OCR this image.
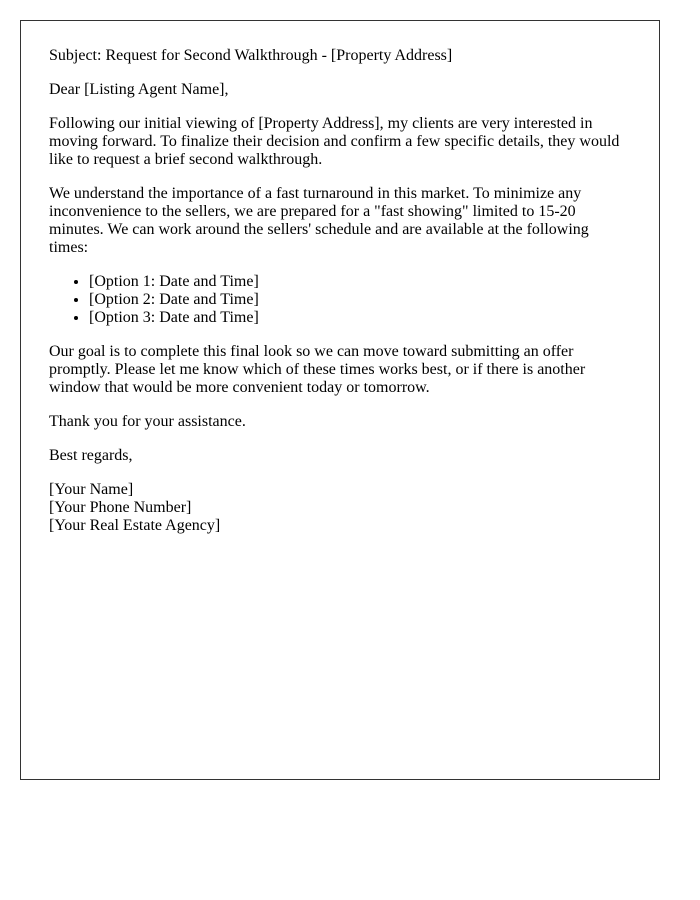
Subject: Request for Second Walkthrough - [Property Address]

Dear [Listing Agent Name],

Following our initial viewing of [Property Address], my clients are very interested in moving forward. To finalize their decision and confirm a few specific details, they would like to request a brief second walkthrough.

We understand the importance of a fast turnaround in this market. To minimize any inconvenience to the sellers, we are prepared for a "fast showing" limited to 15-20 minutes. We can work around the sellers' schedule and are available at the following times:

• [Option 1: Date and Time]
• [Option 2: Date and Time]
• [Option 3: Date and Time]

Our goal is to complete this final look so we can move toward submitting an offer promptly. Please let me know which of these times works best, or if there is another window that would be more convenient today or tomorrow.

Thank you for your assistance.

Best regards,

[Your Name]
[Your Phone Number]
[Your Real Estate Agency]
